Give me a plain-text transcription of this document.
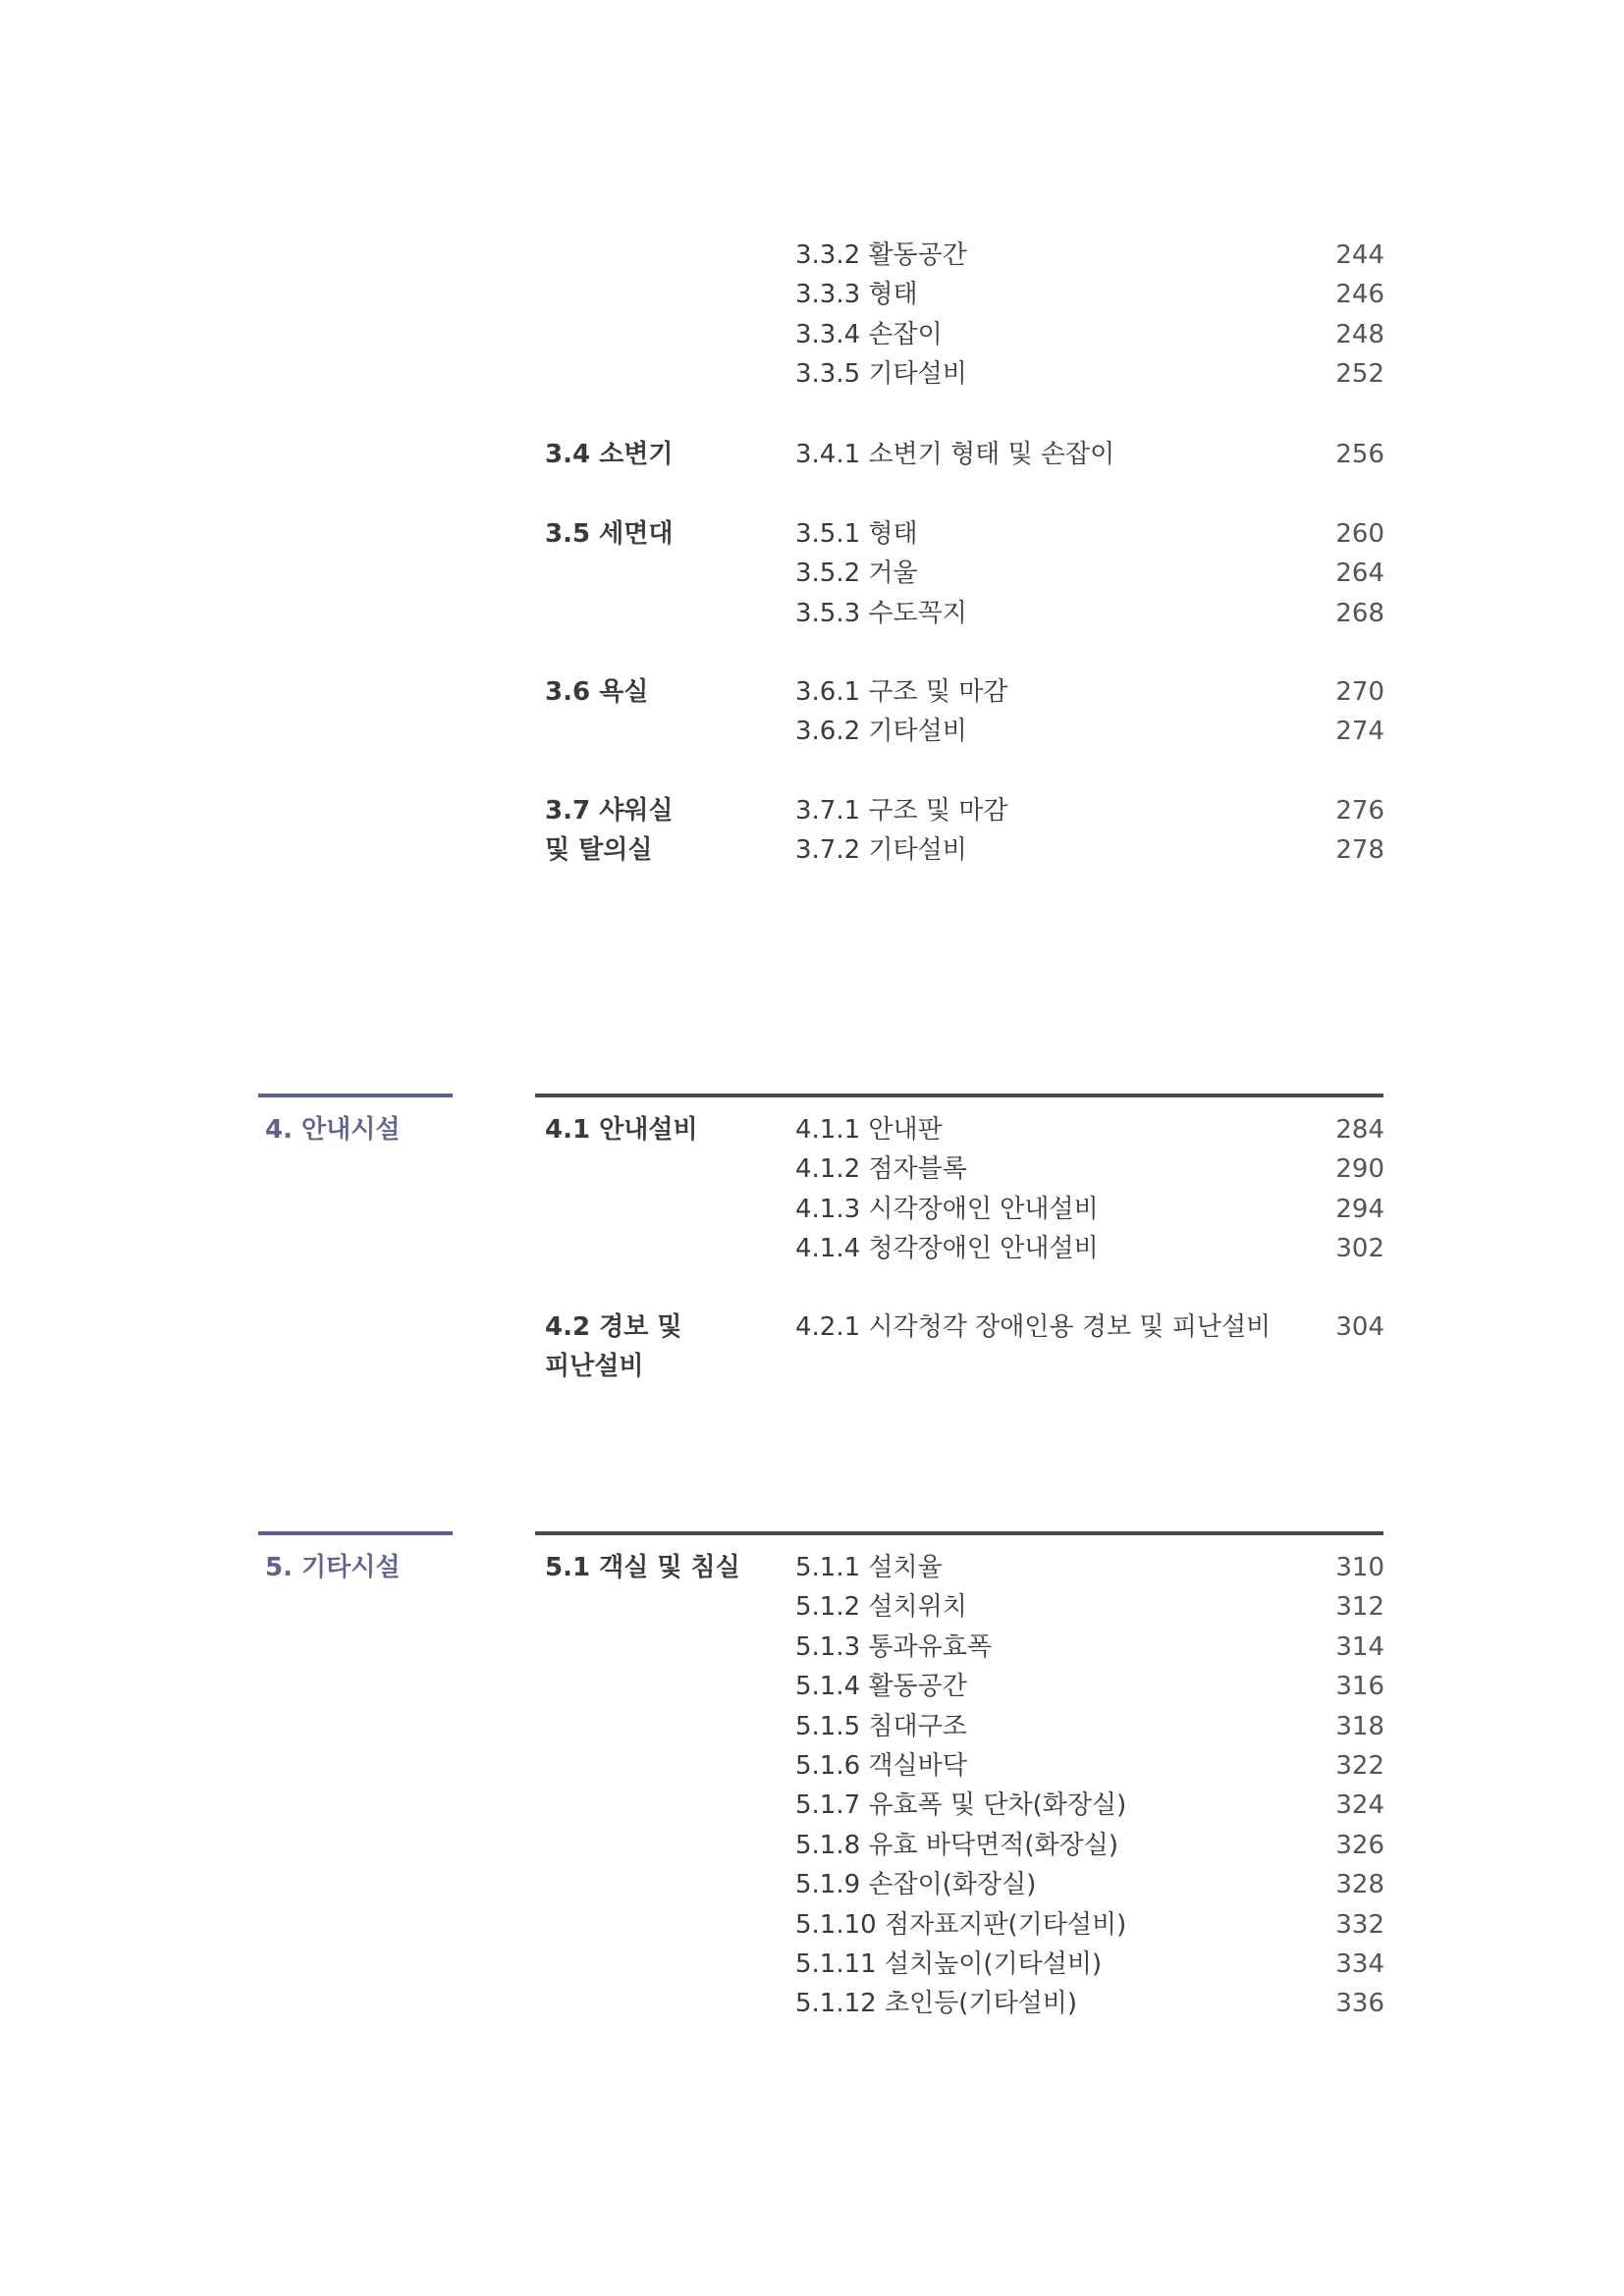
3.3.2 활동공간	244
3.3.3 형태	246
3.3.4 손잡이	248
3.3.5 기타설비	252
3.4 소변기	3.4.1 소변기 형태 및 손잡이	256
3.5 세면대	3.5.1 형태	260
3.5.2 거울	264
3.5.3 수도꼭지	268
3.6 욕실	3.6.1 구조 및 마감	270
3.6.2 기타설비	274
3.7 샤워실
및 탈의실
3.7.1 구조 및 마감	276
3.7.2 기타설비	278
4. 안내시설	4.1 안내설비	4.1.1 안내판	284
4.1.2 점자블록	290
4.1.3 시각장애인 안내설비	294
4.1.4 청각장애인 안내설비	302
4.2 경보 및
피난설비
4.2.1 시각청각 장애인용 경보 및 피난설비	304
5. 기타시설	5.1 객실 및 침실	5.1.1 설치율	310
5.1.2 설치위치	312
5.1.3 통과유효폭	314
5.1.4 활동공간	316
5.1.5 침대구조	318
5.1.6 객실바닥	322
5.1.7 유효폭 및 단차(화장실)	324
5.1.8 유효 바닥면적(화장실)	326
5.1.9 손잡이(화장실)	328
5.1.10 점자표지판(기타설비)	332
5.1.11 설치높이(기타설비)	334
5.1.12 초인등(기타설비)	336
